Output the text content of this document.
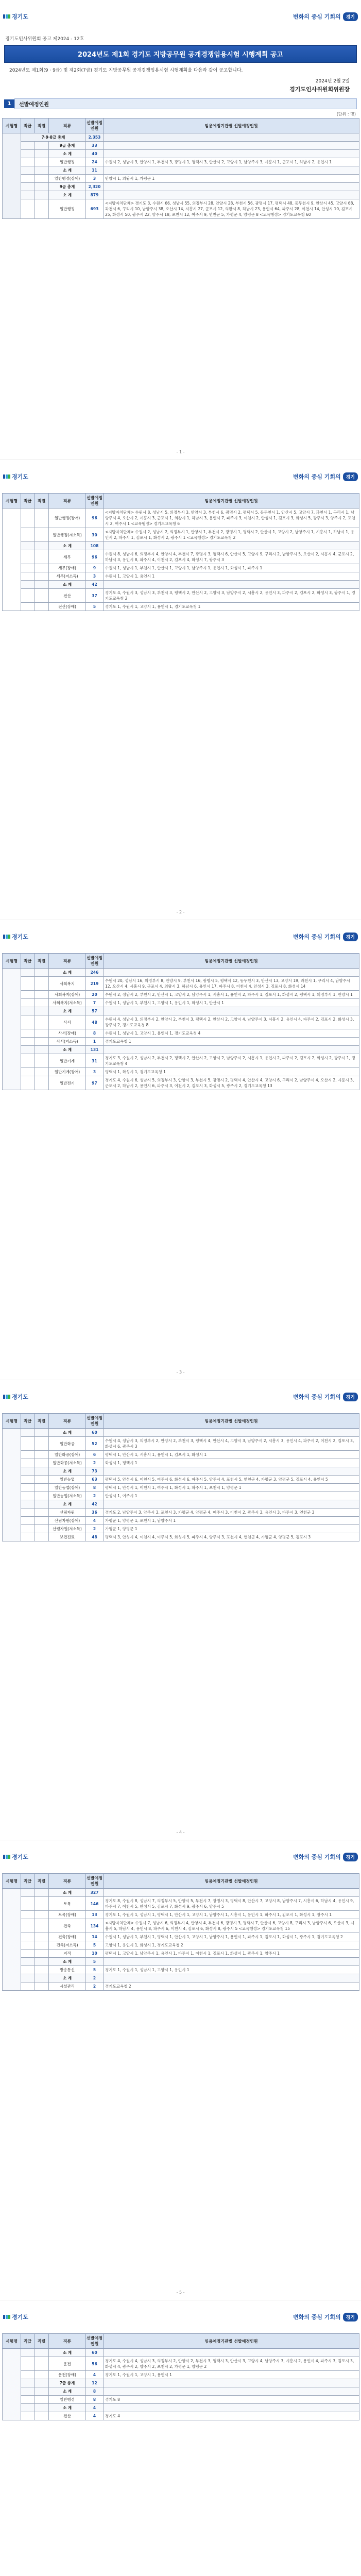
경기도	변화의 중심 기회의	경기
경기도인사위원회 공고 제2024 - 12호
2024년도 제1회 경기도 지방공무원 공개경쟁임용시험 시행계획 공고
2024년도 제1회(9 · 9급) 및 제2회(7급) 경기도 지방공무원 공개경쟁임용시험 시행계획을 다음과 같이 공고합니다.
2024년 2월 2일
경기도인사위원회위원장
1	선발예정인원
(단위 : 명)
시험명	직급	직렬	직류	선발예정인원	임용예정기관별 선발예정인원
	7·9·8급 총계			2,353	
			9급 총계	33	
			소 계	40	
			일반행정	24	수원시 2, 성남시 3, 안양시 1, 부천시 3, 광명시 1, 평택시 3, 안산시 2, 고양시 1, 남양주시 3, 시흥시 1, 군포시 1, 하남시 2, 용인시 1
			소 계	11	
			일반행정(장애)	3	안양시 1, 의왕시 1, 가평군 1
			9급 총계	2,320	
			소 계	879	
			일반행정	693	<지방자치단체> 경기도 3, 수원시 66, 성남시 55, 의정부시 28, 안양시 28, 부천시 56, 광명시 17, 평택시 48, 동두천시 9, 안산시 45, 고양시 68, 과천시 6, 구리시 10, 남양주시 38, 오산시 14, 시흥시 27, 군포시 12, 의왕시 8, 하남시 23, 용인시 64, 파주시 28, 이천시 14, 안성시 10, 김포시 25, 화성시 50, 광주시 22, 양주시 18, 포천시 12, 여주시 9, 연천군 5, 가평군 4, 양평군 8 <교육행정> 경기도교육청 60
- 1 -
경기도	변화의 중심 기회의	경기
시험명	직급	직렬	직류	선발예정인원	임용예정기관별 선발예정인원
			일반행정(장애)	96	<지방자치단체> 수원시 8, 성남시 5, 의정부시 3, 안양시 3, 부천시 6, 광명시 2, 평택시 5, 동두천시 1, 안산시 5, 고양시 7, 과천시 1, 구리시 1, 남양주시 4, 오산시 2, 시흥시 3, 군포시 1, 의왕시 1, 하남시 3, 용인시 7, 파주시 3, 이천시 2, 안성시 1, 김포시 3, 화성시 5, 광주시 3, 양주시 2, 포천시 2, 여주시 1 <교육행정> 경기도교육청 6
			일반행정(저소득)	30	<지방자치단체> 수원시 2, 성남시 2, 의정부시 1, 안양시 1, 부천시 2, 광명시 1, 평택시 2, 안산시 1, 고양시 2, 남양주시 1, 시흥시 1, 하남시 1, 용인시 2, 파주시 1, 김포시 1, 화성시 2, 광주시 1 <교육행정> 경기도교육청 2
			소 계	108	
			세무	96	수원시 8, 성남시 6, 의정부시 4, 안양시 4, 부천시 7, 광명시 3, 평택시 6, 안산시 5, 고양시 9, 구리시 2, 남양주시 5, 오산시 2, 시흥시 4, 군포시 2, 하남시 3, 용인시 8, 파주시 4, 이천시 2, 김포시 4, 화성시 7, 광주시 3
			세무(장애)	9	수원시 1, 성남시 1, 부천시 1, 안산시 1, 고양시 1, 남양주시 1, 용인시 1, 화성시 1, 파주시 1
			세무(저소득)	3	수원시 1, 고양시 1, 용인시 1
			소 계	42	
			전산	37	경기도 4, 수원시 3, 성남시 3, 부천시 3, 평택시 2, 안산시 2, 고양시 3, 남양주시 2, 시흥시 2, 용인시 3, 파주시 2, 김포시 2, 화성시 3, 광주시 1, 경기도교육청 2
			전산(장애)	5	경기도 1, 수원시 1, 고양시 1, 용인시 1, 경기도교육청 1
- 2 -
경기도	변화의 중심 기회의	경기
시험명	직급	직렬	직류	선발예정인원	임용예정기관별 선발예정인원
			소 계	246	
			사회복지	219	수원시 20, 성남시 16, 의정부시 8, 안양시 9, 부천시 16, 광명시 5, 평택시 12, 동두천시 3, 안산시 13, 고양시 19, 과천시 1, 구리시 4, 남양주시 12, 오산시 4, 시흥시 9, 군포시 4, 의왕시 3, 하남시 6, 용인시 17, 파주시 8, 이천시 4, 안성시 3, 김포시 8, 화성시 14
			사회복지(장애)	20	수원시 2, 성남시 2, 부천시 2, 안산시 1, 고양시 2, 남양주시 1, 시흥시 1, 용인시 2, 파주시 1, 김포시 1, 화성시 2, 평택시 1, 의정부시 1, 안양시 1
			사회복지(저소득)	7	수원시 1, 성남시 1, 부천시 1, 고양시 1, 용인시 1, 화성시 1, 안산시 1
			소 계	57	
			사서	48	수원시 4, 성남시 3, 의정부시 2, 안양시 2, 부천시 3, 평택시 2, 안산시 2, 고양시 4, 남양주시 3, 시흥시 2, 용인시 4, 파주시 2, 김포시 2, 화성시 3, 광주시 2, 경기도교육청 8
			사서(장애)	8	수원시 1, 성남시 1, 고양시 1, 용인시 1, 경기도교육청 4
			사서(저소득)	1	경기도교육청 1
			소 계	131	
			일반기계	31	경기도 3, 수원시 2, 성남시 2, 부천시 2, 평택시 2, 안산시 2, 고양시 2, 남양주시 2, 시흥시 1, 용인시 2, 파주시 2, 김포시 2, 화성시 2, 광주시 1, 경기도교육청 4
			일반기계(장애)	3	평택시 1, 화성시 1, 경기도교육청 1
			일반전기	97	경기도 4, 수원시 6, 성남시 5, 의정부시 3, 안양시 3, 부천시 5, 광명시 2, 평택시 4, 안산시 4, 고양시 6, 구리시 2, 남양주시 4, 오산시 2, 시흥시 3, 군포시 2, 하남시 2, 용인시 6, 파주시 3, 이천시 2, 김포시 3, 화성시 5, 광주시 2, 경기도교육청 13
- 3 -
경기도	변화의 중심 기회의	경기
시험명	직급	직렬	직류	선발예정인원	임용예정기관별 선발예정인원
			소 계	60	
			일반화공	52	수원시 4, 성남시 3, 의정부시 2, 안양시 2, 부천시 3, 평택시 4, 안산시 4, 고양시 3, 남양주시 2, 시흥시 3, 용인시 4, 파주시 2, 이천시 2, 김포시 3, 화성시 6, 광주시 3
			일반화공(장애)	6	평택시 1, 안산시 1, 시흥시 1, 용인시 1, 김포시 1, 화성시 1
			일반화공(저소득)	2	화성시 1, 평택시 1
			소 계	73	
			일반농업	63	평택시 5, 안성시 6, 이천시 5, 여주시 6, 화성시 6, 파주시 5, 양주시 4, 포천시 5, 연천군 4, 가평군 3, 양평군 5, 김포시 4, 용인시 5
			일반농업(장애)	8	평택시 1, 안성시 1, 이천시 1, 여주시 1, 화성시 1, 파주시 1, 포천시 1, 양평군 1
			일반농업(저소득)	2	안성시 1, 여주시 1
			소 계	42	
			산림자원	36	경기도 2, 남양주시 3, 양주시 3, 포천시 3, 가평군 4, 양평군 4, 여주시 3, 이천시 2, 광주시 3, 용인시 3, 파주시 3, 연천군 3
			산림자원(장애)	4	가평군 1, 양평군 1, 포천시 1, 남양주시 1
			산림자원(저소득)	2	가평군 1, 양평군 1
			보건진료	48	평택시 3, 안성시 4, 이천시 4, 여주시 5, 화성시 5, 파주시 4, 양주시 3, 포천시 4, 연천군 4, 가평군 4, 양평군 5, 김포시 3
- 4 -
경기도	변화의 중심 기회의	경기
시험명	직급	직렬	직류	선발예정인원	임용예정기관별 선발예정인원
			소 계	327	
			토목	146	경기도 8, 수원시 8, 성남시 7, 의정부시 5, 안양시 5, 부천시 7, 광명시 3, 평택시 8, 안산시 7, 고양시 8, 남양주시 7, 시흥시 6, 하남시 4, 용인시 9, 파주시 7, 이천시 5, 안성시 5, 김포시 7, 화성시 9, 광주시 6, 양주시 5
			토목(장애)	13	경기도 1, 수원시 1, 성남시 1, 평택시 1, 안산시 1, 고양시 1, 남양주시 1, 시흥시 1, 용인시 1, 파주시 1, 김포시 1, 화성시 1, 광주시 1
			건축	134	<지방자치단체> 수원시 7, 성남시 6, 의정부시 4, 안양시 4, 부천시 6, 광명시 3, 평택시 7, 안산시 6, 고양시 8, 구리시 3, 남양주시 6, 오산시 3, 시흥시 5, 하남시 4, 용인시 8, 파주시 6, 이천시 4, 김포시 6, 화성시 8, 광주시 5 <교육행정> 경기도교육청 15
			건축(장애)	14	수원시 1, 성남시 1, 부천시 1, 평택시 1, 안산시 1, 고양시 1, 남양주시 1, 용인시 1, 파주시 1, 김포시 1, 화성시 1, 광주시 1, 경기도교육청 2
			건축(저소득)	5	고양시 1, 용인시 1, 화성시 1, 경기도교육청 2
			지적	10	평택시 1, 고양시 1, 남양주시 1, 용인시 1, 파주시 1, 이천시 1, 김포시 1, 화성시 1, 광주시 1, 양주시 1
			소 계	5	
			방송통신	5	경기도 1, 수원시 1, 성남시 1, 고양시 1, 용인시 1
			소 계	2	
			시설관리	2	경기도교육청 2
- 5 -
경기도	변화의 중심 기회의	경기
시험명	직급	직렬	직류	선발예정인원	임용예정기관별 선발예정인원
			소 계	60	
			운전	56	경기도 4, 수원시 4, 성남시 3, 의정부시 2, 안양시 2, 부천시 3, 평택시 3, 안산시 3, 고양시 4, 남양주시 3, 시흥시 2, 용인시 4, 파주시 3, 김포시 3, 화성시 4, 광주시 2, 양주시 2, 포천시 2, 가평군 1, 양평군 2
			운전(장애)	4	경기도 1, 수원시 1, 고양시 1, 용인시 1
			7급 총계	12	
			소 계	8	
			일반행정	8	경기도 8
			소 계	4	
			전산	4	경기도 4
